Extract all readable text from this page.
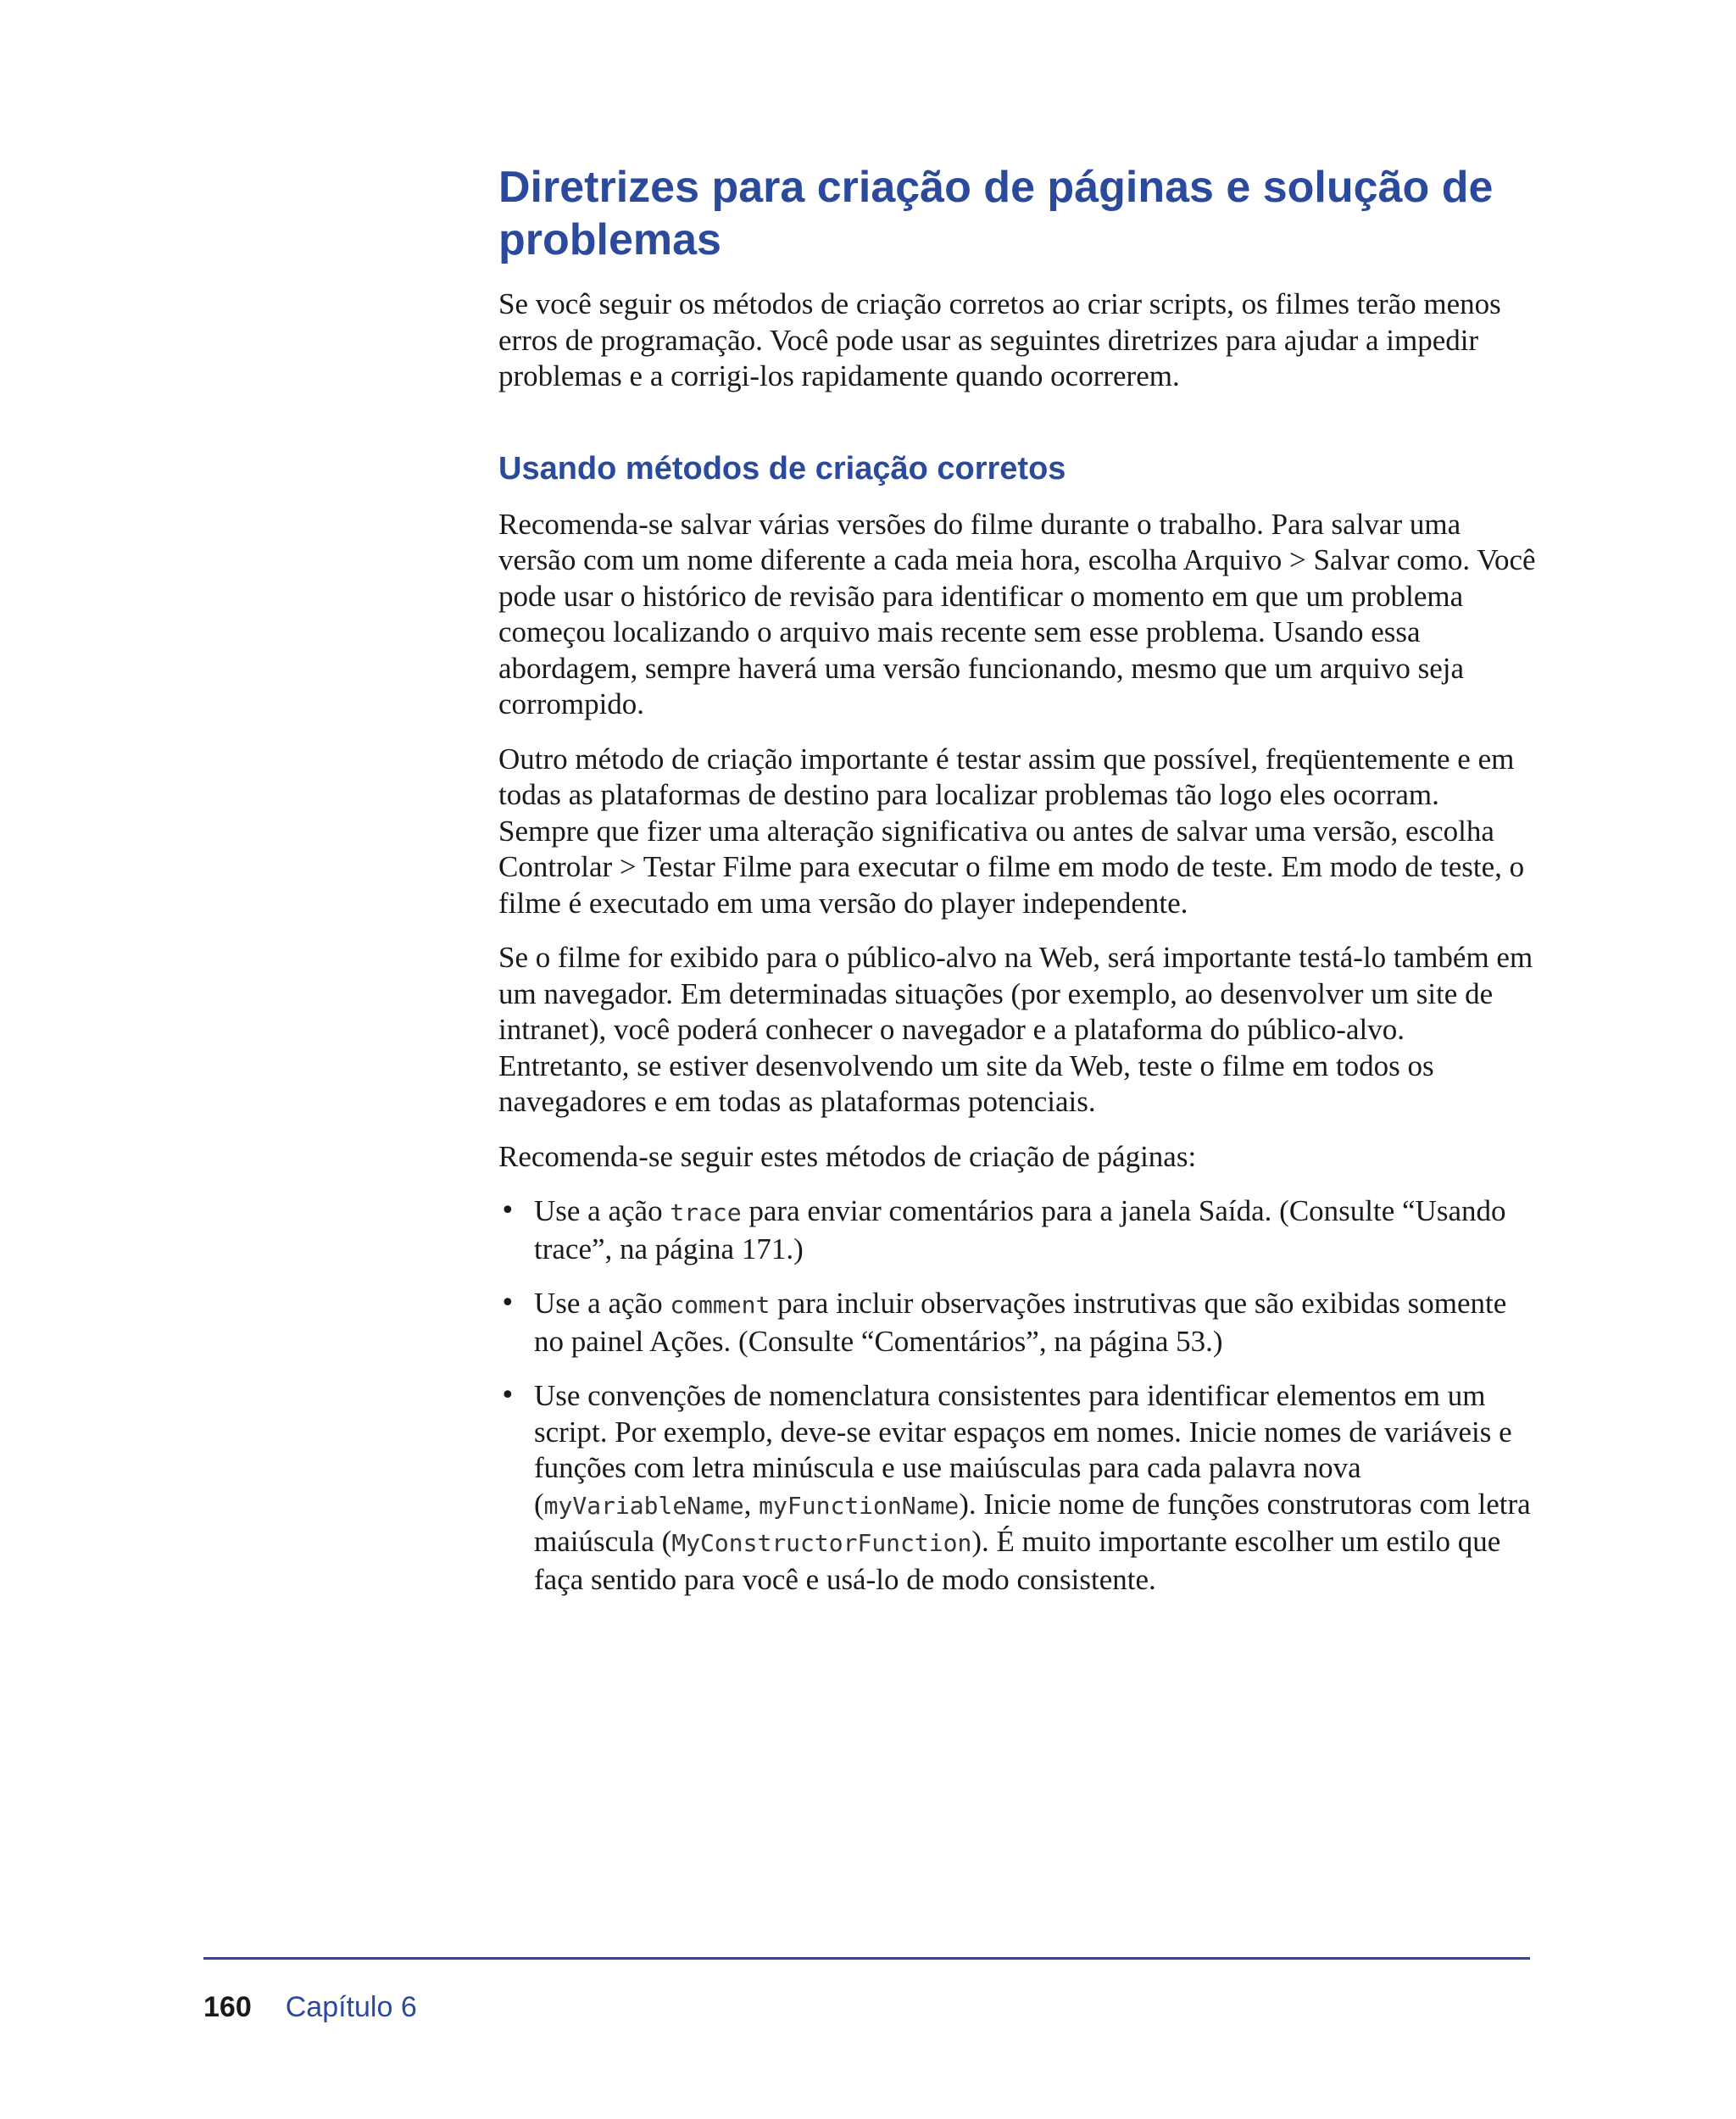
Diretrizes para criação de páginas e solução de problemas

Se você seguir os métodos de criação corretos ao criar scripts, os filmes terão menos erros de programação. Você pode usar as seguintes diretrizes para ajudar a impedir problemas e a corrigi-los rapidamente quando ocorrerem.

Usando métodos de criação corretos

Recomenda-se salvar várias versões do filme durante o trabalho. Para salvar uma versão com um nome diferente a cada meia hora, escolha Arquivo > Salvar como. Você pode usar o histórico de revisão para identificar o momento em que um problema começou localizando o arquivo mais recente sem esse problema. Usando essa abordagem, sempre haverá uma versão funcionando, mesmo que um arquivo seja corrompido.

Outro método de criação importante é testar assim que possível, freqüentemente e em todas as plataformas de destino para localizar problemas tão logo eles ocorram. Sempre que fizer uma alteração significativa ou antes de salvar uma versão, escolha Controlar > Testar Filme para executar o filme em modo de teste. Em modo de teste, o filme é executado em uma versão do player independente.

Se o filme for exibido para o público-alvo na Web, será importante testá-lo também em um navegador. Em determinadas situações (por exemplo, ao desenvolver um site de intranet), você poderá conhecer o navegador e a plataforma do público-alvo. Entretanto, se estiver desenvolvendo um site da Web, teste o filme em todos os navegadores e em todas as plataformas potenciais.

Recomenda-se seguir estes métodos de criação de páginas:

• Use a ação trace para enviar comentários para a janela Saída. (Consulte “Usando trace”, na página 171.)
• Use a ação comment para incluir observações instrutivas que são exibidas somente no painel Ações. (Consulte “Comentários”, na página 53.)
• Use convenções de nomenclatura consistentes para identificar elementos em um script. Por exemplo, deve-se evitar espaços em nomes. Inicie nomes de variáveis e funções com letra minúscula e use maiúsculas para cada palavra nova (myVariableName, myFunctionName). Inicie nome de funções construtoras com letra maiúscula (MyConstructorFunction). É muito importante escolher um estilo que faça sentido para você e usá-lo de modo consistente.
160 Capítulo 6
